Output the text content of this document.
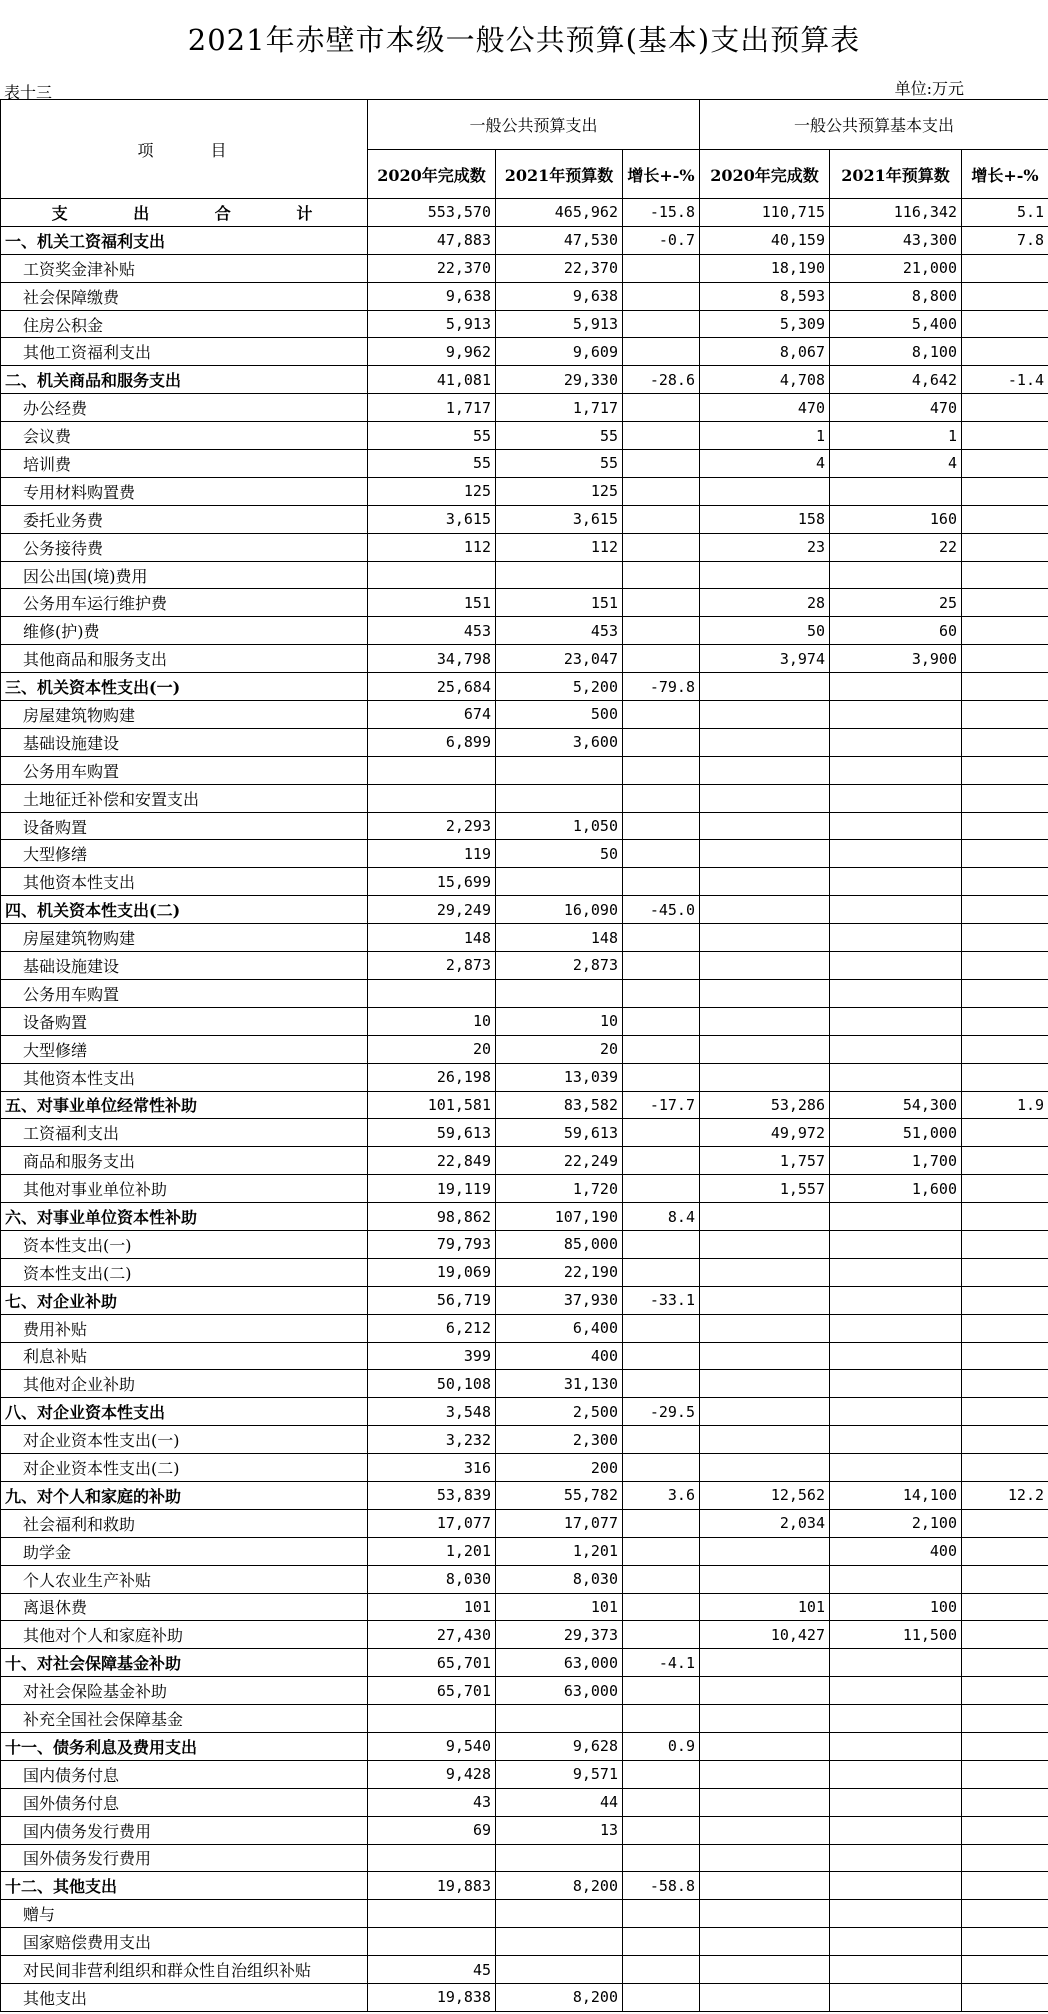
2021年赤壁市本级一般公共预算(基本)支出预算表
表十三	单位:万元
项 目	一般公共预算支出			一般公共预算基本支出		
	2020年完成数	2021年预算数	增长+-%	2020年完成数	2021年预算数	增长+-%
支 出 合 计	553,570	465,962	-15.8	110,715	116,342	5.1
一、机关工资福利支出	47,883	47,530	-0.7	40,159	43,300	7.8
工资奖金津补贴	22,370	22,370		18,190	21,000	
社会保障缴费	9,638	9,638		8,593	8,800	
住房公积金	5,913	5,913		5,309	5,400	
其他工资福利支出	9,962	9,609		8,067	8,100	
二、机关商品和服务支出	41,081	29,330	-28.6	4,708	4,642	-1.4
办公经费	1,717	1,717		470	470	
会议费	55	55		1	1	
培训费	55	55		4	4	
专用材料购置费	125	125				
委托业务费	3,615	3,615		158	160	
公务接待费	112	112		23	22	
因公出国(境)费用						
公务用车运行维护费	151	151		28	25	
维修(护)费	453	453		50	60	
其他商品和服务支出	34,798	23,047		3,974	3,900	
三、机关资本性支出(一)	25,684	5,200	-79.8			
房屋建筑物购建	674	500				
基础设施建设	6,899	3,600				
公务用车购置						
土地征迁补偿和安置支出						
设备购置	2,293	1,050				
大型修缮	119	50				
其他资本性支出	15,699					
四、机关资本性支出(二)	29,249	16,090	-45.0			
房屋建筑物购建	148	148				
基础设施建设	2,873	2,873				
公务用车购置						
设备购置	10	10				
大型修缮	20	20				
其他资本性支出	26,198	13,039				
五、对事业单位经常性补助	101,581	83,582	-17.7	53,286	54,300	1.9
工资福利支出	59,613	59,613		49,972	51,000	
商品和服务支出	22,849	22,249		1,757	1,700	
其他对事业单位补助	19,119	1,720		1,557	1,600	
六、对事业单位资本性补助	98,862	107,190	8.4			
资本性支出(一)	79,793	85,000				
资本性支出(二)	19,069	22,190				
七、对企业补助	56,719	37,930	-33.1			
费用补贴	6,212	6,400				
利息补贴	399	400				
其他对企业补助	50,108	31,130				
八、对企业资本性支出	3,548	2,500	-29.5			
对企业资本性支出(一)	3,232	2,300				
对企业资本性支出(二)	316	200				
九、对个人和家庭的补助	53,839	55,782	3.6	12,562	14,100	12.2
社会福利和救助	17,077	17,077		2,034	2,100	
助学金	1,201	1,201			400	
个人农业生产补贴	8,030	8,030				
离退休费	101	101		101	100	
其他对个人和家庭补助	27,430	29,373		10,427	11,500	
十、对社会保障基金补助	65,701	63,000	-4.1			
对社会保险基金补助	65,701	63,000				
补充全国社会保障基金						
十一、债务利息及费用支出	9,540	9,628	0.9			
国内债务付息	9,428	9,571				
国外债务付息	43	44				
国内债务发行费用	69	13				
国外债务发行费用						
十二、其他支出	19,883	8,200	-58.8			
赠与						
国家赔偿费用支出						
对民间非营利组织和群众性自治组织补贴	45					
其他支出	19,838	8,200				
